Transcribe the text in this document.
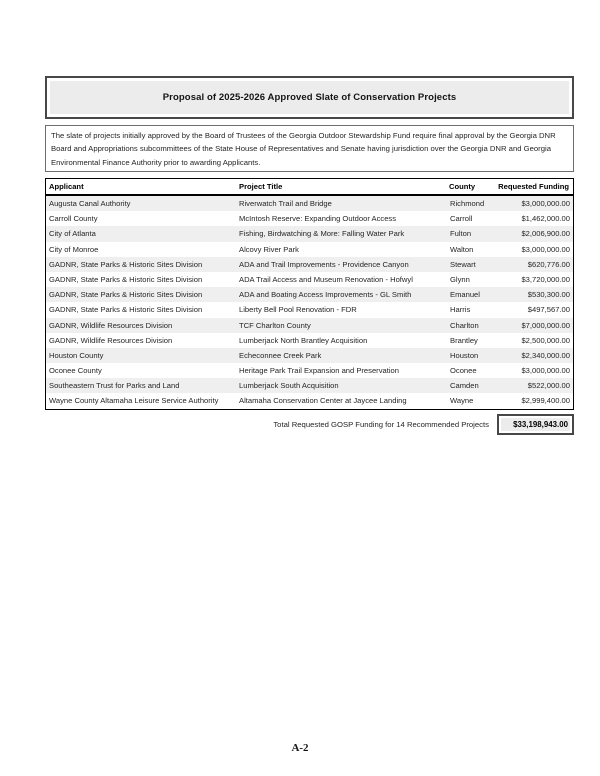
Proposal of 2025-2026 Approved Slate of Conservation Projects
The slate of projects initially approved by the Board of Trustees of the Georgia Outdoor Stewardship Fund require final approval by the Georgia DNR Board and Appropriations subcommittees of the State House of Representatives and Senate having jurisdiction over the Georgia DNR and Georgia Environmental Finance Authority prior to awarding Applicants.
Applicant	Project Title	County	Requested Funding
Augusta Canal Authority	Riverwatch Trail and Bridge	Richmond	$3,000,000.00
Carroll County	McIntosh Reserve: Expanding Outdoor Access	Carroll	$1,462,000.00
City of Atlanta	Fishing, Birdwatching & More: Falling Water Park	Fulton	$2,006,900.00
City of Monroe	Alcovy River Park	Walton	$3,000,000.00
GADNR, State Parks & Historic Sites Division	ADA and Trail Improvements - Providence Canyon	Stewart	$620,776.00
GADNR, State Parks & Historic Sites Division	ADA Trail Access and Museum Renovation - Hofwyl	Glynn	$3,720,000.00
GADNR, State Parks & Historic Sites Division	ADA and Boating Access Improvements - GL Smith	Emanuel	$530,300.00
GADNR, State Parks & Historic Sites Division	Liberty Bell Pool Renovation - FDR	Harris	$497,567.00
GADNR, Wildlife Resources Division	TCF Charlton County	Charlton	$7,000,000.00
GADNR, Wildlife Resources Division	Lumberjack North Brantley Acquisition	Brantley	$2,500,000.00
Houston County	Echeconnee Creek Park	Houston	$2,340,000.00
Oconee County	Heritage Park Trail Expansion and Preservation	Oconee	$3,000,000.00
Southeastern Trust for Parks and Land	Lumberjack South Acquisition	Camden	$522,000.00
Wayne County Altamaha Leisure Service Authority	Altamaha Conservation Center at Jaycee Landing	Wayne	$2,999,400.00
Total Requested GOSP Funding for 14 Recommended Projects	$33,198,943.00
A-2
